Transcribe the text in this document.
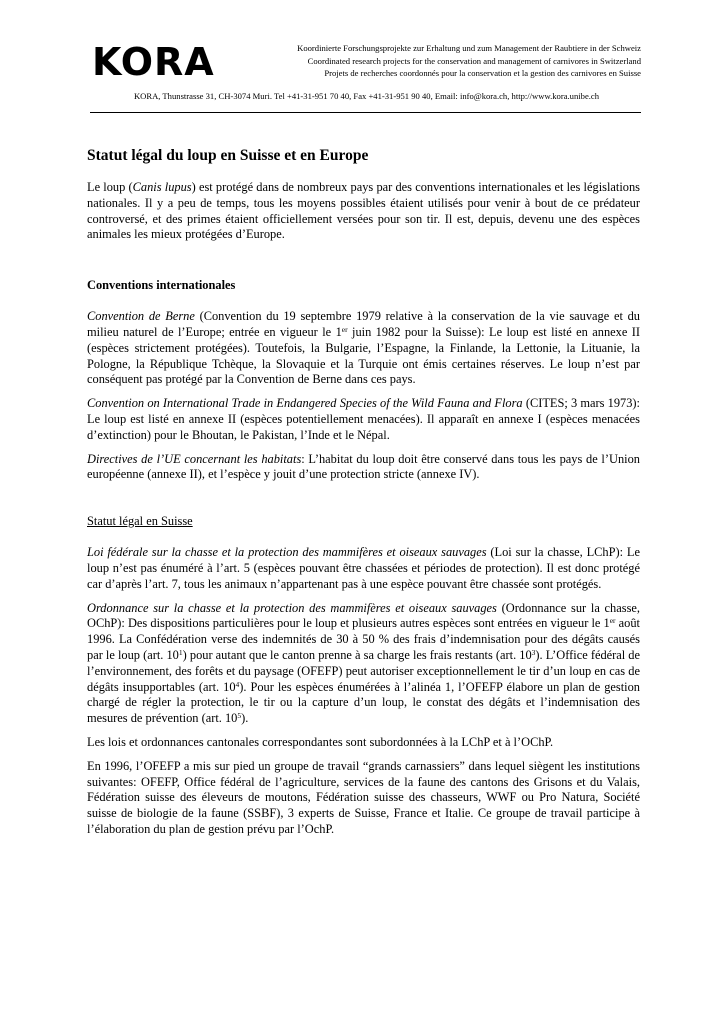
KORA	Koordinierte Forschungsprojekte zur Erhaltung und zum Management der Raubtiere in der Schweiz
Coordinated research projects for the conservation and management of carnivores in Switzerland
Projets de recherches coordonnés pour la conservation et la gestion des carnivores en Suisse
KORA, Thunstrasse 31, CH-3074 Muri. Tel +41-31-951 70 40, Fax +41-31-951 90 40, Email: info@kora.ch, http://www.kora.unibe.ch
Statut légal du loup en Suisse et en Europe

Le loup (Canis lupus) est protégé dans de nombreux pays par des conventions internationales et les législations nationales. Il y a peu de temps, tous les moyens possibles étaient utilisés pour venir à bout de ce prédateur controversé, et des primes étaient officiellement versées pour son tir. Il est, depuis, devenu une des espèces animales les mieux protégées d’Europe.

Conventions internationales

Convention de Berne (Convention du 19 septembre 1979 relative à la conservation de la vie sauvage et du milieu naturel de l’Europe; entrée en vigueur le 1er juin 1982 pour la Suisse): Le loup est listé en annexe II (espèces strictement protégées). Toutefois, la Bulgarie, l’Espagne, la Finlande, la Lettonie, la Lituanie, la Pologne, la République Tchèque, la Slovaquie et la Turquie ont émis certaines réserves. Le loup n’est par conséquent pas protégé par la Convention de Berne dans ces pays.

Convention on International Trade in Endangered Species of the Wild Fauna and Flora (CITES; 3 mars 1973): Le loup est listé en annexe II (espèces potentiellement menacées). Il apparaît en annexe I (espèces menacées d’extinction) pour le Bhoutan, le Pakistan, l’Inde et le Népal.

Directives de l’UE concernant les habitats: L’habitat du loup doit être conservé dans tous les pays de l’Union européenne (annexe II), et l’espèce y jouit d’une protection stricte (annexe IV).

Statut légal en Suisse

Loi fédérale sur la chasse et la protection des mammifères et oiseaux sauvages (Loi sur la chasse, LChP): Le loup n’est pas énuméré à l’art. 5 (espèces pouvant être chassées et périodes de protection). Il est donc protégé car d’après l’art. 7, tous les animaux n’appartenant pas à une espèce pouvant être chassée sont protégés.

Ordonnance sur la chasse et la protection des mammifères et oiseaux sauvages (Ordonnance sur la chasse, OChP): Des dispositions particulières pour le loup et plusieurs autres espèces sont entrées en vigueur le 1er août 1996. La Confédération verse des indemnités de 30 à 50 % des frais d’indemnisation pour des dégâts causés par le loup (art. $10^1$) pour autant que le canton prenne à sa charge les frais restants (art. $10^3$). L’Office fédéral de l’environnement, des forêts et du paysage (OFEFP) peut autoriser exceptionnellement le tir d’un loup en cas de dégâts insupportables (art. $10^4$). Pour les espèces énumérées à l’alinéa 1, l’OFEFP élabore un plan de gestion chargé de régler la protection, le tir ou la capture d’un loup, le constat des dégâts et l’indemnisation des mesures de prévention (art. $10^5$).

Les lois et ordonnances cantonales correspondantes sont subordonnées à la LChP et à l’OChP.

En 1996, l’OFEFP a mis sur pied un groupe de travail “grands carnassiers” dans lequel siègent les institutions suivantes: OFEFP, Office fédéral de l’agriculture, services de la faune des cantons des Grisons et du Valais, Fédération suisse des éleveurs de moutons, Fédération suisse des chasseurs, WWF ou Pro Natura, Société suisse de biologie de la faune (SSBF), 3 experts de Suisse, France et Italie. Ce groupe de travail participe à l’élaboration du plan de gestion prévu par l’OchP.
